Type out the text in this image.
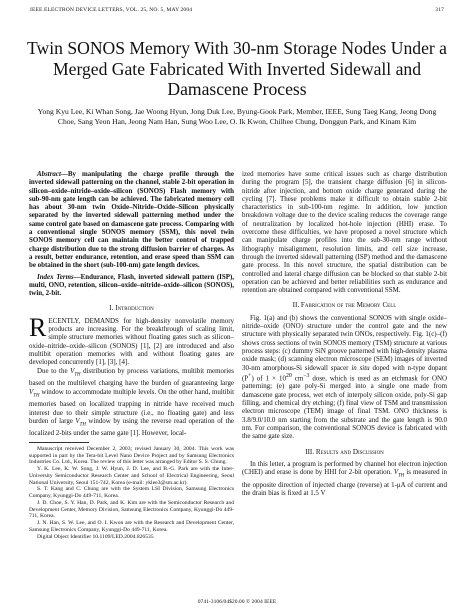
IEEE ELECTRON DEVICE LETTERS, VOL. 25, NO. 5, MAY 2004	317
Twin SONOS Memory With 30-nm Storage Nodes Under a Merged Gate Fabricated With Inverted Sidewall and Damascene Process
Yong Kyu Lee, Ki Whan Song, Jae Woong Hyun, Jong Duk Lee, Byung-Gook Park, Member, IEEE, Sung Taeg Kang, Jeong Dong Choe, Sang Yeon Han, Jeong Nam Han, Sung Woo Lee, O. Ik Kwon, Chilhee Chung, Donggun Park, and Kinam Kim

Abstract—By manipulating the charge profile through the inverted sidewall patterning on the channel, stable 2-bit operation in silicon–oxide–nitride–oxide–silicon (SONOS) Flash memory with sub-90-nm gate length can be achieved. The fabricated memory cell has about 30-nm twin Oxide–Nitride–Oxide–Silicon physically separated by the inverted sidewall patterning method under the same control gate based on damascene gate process. Comparing with a conventional single SONOS memory (SSM), this novel twin SONOS memory cell can maintain the better control of trapped charge distribution due to the strong diffusion barrier of charges. As a result, better endurance, retention, and erase speed than SSM can be obtained in the short (sub-100-nm) gate length devices.

Index Terms—Endurance, Flash, inverted sidewall pattern (ISP), multi, ONO, retention, silicon–oxide–nitride–oxide–silicon (SONOS), twin, 2-bit.

I. Introduction

RECENTLY, DEMANDS for high-density nonvolatile memory products are increasing. For the breakthrough of scaling limit, simple structure memories without floating gates such as silicon–oxide–nitride–oxide–silicon (SONOS) [1], [2] are introduced and also multibit operation memories with and without floating gates are developed concurrently [1], [3], [4].

Due to the $V_{TH}$ distribution by process variations, multibit memories based on the multilevel charging have the burden of guaranteeing large $V_{TH}$ window to accommodate multiple levels. On the other hand, multibit memories based on localized trapping in nitride have received much interest due to their simple structure (i.e., no floating gate) and less burden of large $V_{TH}$ window by using the reverse read operation of the localized 2-bits under the same gate [1]. However, local-

Manuscript received December 2, 2003; revised January 30, 2004. This work was supported in part by the Tera-bit Level Nano Device Project and by Samsung Electronics Industries Co. Ltd., Korea. The review of this letter was arranged by Editor S. S. Chung.

Y. K. Lee, K. W. Song, J. W. Hyun, J. D. Lee, and B.-G. Park are with the Inter-University Semiconductor Research Center and School of Electrical Engineering, Seoul National University, Seoul 151-742, Korea (e-mail: yklee3@sm.ac.kr).

S. T. Kang and C. Chung are with the System LSI Division, Samsung Electronics Company, Kyunggi-Do 449-711, Korea.

J. D. Choe, S. Y. Han, D. Park, and K. Kim are with the Semiconductor Research and Development Center, Memory Division, Samsung Electronics Company, Kyunggi-Do 449-711, Korea.

J. N. Han, S. W. Lee, and O. I. Kwon are with the Research and Development Center, Samsung Electronics Company, Kyunggi-Do 449-711, Korea.

Digital Object Identifier 10.1109/LED.2004.826535

ized memories have some critical issues such as charge distribution during the program [5], the transient charge diffusion [6] in silicon-nitride after injection, and bottom oxide charge generated during the cycling [7]. These problems make it difficult to obtain stable 2-bit characteristics in sub-100-nm regime. In addition, low junction breakdown voltage due to the device scaling reduces the coverage range of neutralization by localized hot-hole injection (HHI) erase. To overcome these difficulties, we have proposed a novel structure which can manipulate charge profiles into the sub-30-nm range without lithography misalignment, resolution limits, and cell size increase, through the inverted sidewall patterning (ISP) method and the damascene gate process. In this novel structure, the spatial distribution can be controlled and lateral charge diffusion can be blocked so that stable 2-bit operation can be achieved and better reliabilities such as endurance and retention are obtained compared with conventional SSM.

II. Fabrication of the Memory Cell

Fig. 1(a) and (b) shows the conventional SONOS with single oxide–nitride–oxide (ONO) structure under the control gate and the new structure with physically separated twin ONOs, respectively. Fig. 1(c)–(f) shows cross sections of twin SONOS memory (TSM) structure at various process steps: (c) dummy SiN groove patterned with high-density plasma oxide mask; (d) scanning electron microscope (SEM) images of inverted 30-nm amorphous-Si sidewall spacer in situ doped with n-type dopant (P+) of $1 \times 10^{20}$ $cm^{-3}$ dose, which is used as an etchmask for ONO patterning; (e) gate poly-Si merged into a single one made from damascene gate process, wet etch of interpoly silicon oxide, poly-Si gap filling, and chemical dry etching; (f) final view of TSM and transmission electron microscope (TEM) image of final TSM. ONO thickness is 3.8/9.0/10.0 nm starting from the substrate and the gate length is 90.0 nm. For comparison, the conventional SONOS device is fabricated with the same gate size.

III. Results and Discussion

In this letter, a program is performed by channel hot electron injection (CHEI) and erase is done by HHI for 2-bit operation. $V_{TH}$ is measured in the opposite direction of injected charge (reverse) at 1-μA of current and the drain bias is fixed at 1.5 V

0741-3106/04$20.00 © 2004 IEEE
